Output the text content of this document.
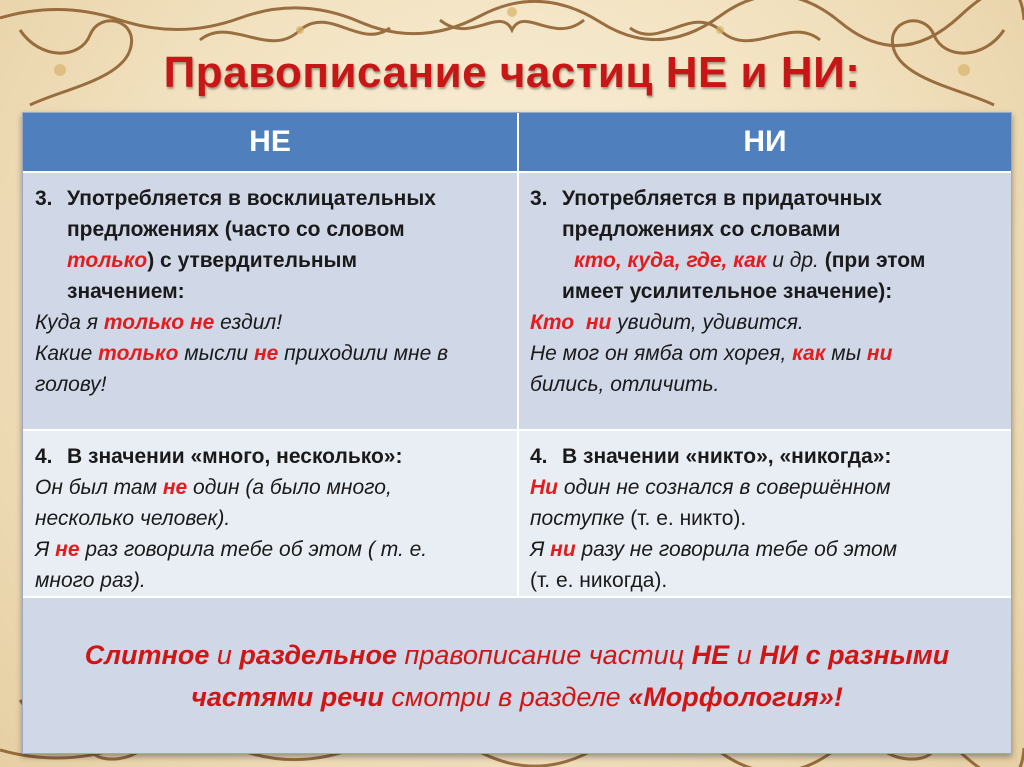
Правописание частиц НЕ и НИ:
НЕ	НИ
3. Употребляется в восклицательных
предложениях (часто со словом
только) с утвердительным
значением:
Куда я только не ездил!
Какие только мысли не приходили мне в
голову!
3. Употребляется в придаточных
предложениях со словами
кто, куда, где, как и др. (при этом
имеет усилительное значение):
Кто ни увидит, удивится.
Не мог он ямба от хорея, как мы ни
бились, отличить.
4. В значении «много, несколько»:
Он был там не один (а было много,
несколько человек).
Я не раз говорила тебе об этом ( т. е.
много раз).
4. В значении «никто», «никогда»:
Ни один не сознался в совершённом
поступке (т. е. никто).
Я ни разу не говорила тебе об этом
(т. е. никогда).
Слитное и раздельное правописание частиц НЕ и НИ с разными
частями речи смотри в разделе «Морфология»!
